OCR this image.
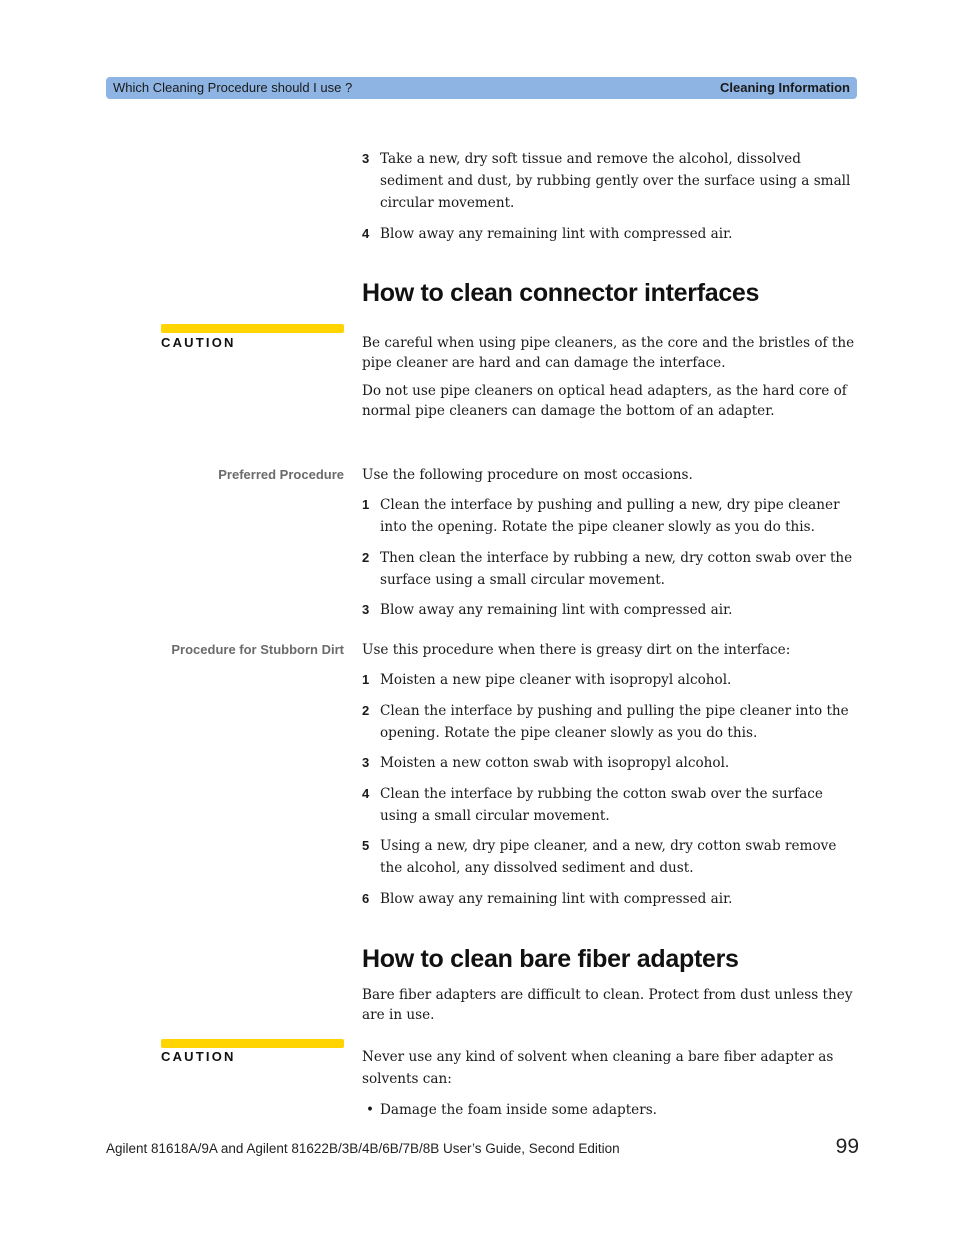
Which Cleaning Procedure should I use ?	Cleaning Information
3 Take a new, dry soft tissue and remove the alcohol, dissolved sediment and dust, by rubbing gently over the surface using a small circular movement.
4 Blow away any remaining lint with compressed air.
How to clean connector interfaces
CAUTION	Be careful when using pipe cleaners, as the core and the bristles of the pipe cleaner are hard and can damage the interface.
Do not use pipe cleaners on optical head adapters, as the hard core of normal pipe cleaners can damage the bottom of an adapter.
Preferred Procedure Use the following procedure on most occasions.
1 Clean the interface by pushing and pulling a new, dry pipe cleaner into the opening. Rotate the pipe cleaner slowly as you do this.
2 Then clean the interface by rubbing a new, dry cotton swab over the surface using a small circular movement.
3 Blow away any remaining lint with compressed air.
Procedure for Stubborn Dirt Use this procedure when there is greasy dirt on the interface:
1 Moisten a new pipe cleaner with isopropyl alcohol.
2 Clean the interface by pushing and pulling the pipe cleaner into the opening. Rotate the pipe cleaner slowly as you do this.
3 Moisten a new cotton swab with isopropyl alcohol.
4 Clean the interface by rubbing the cotton swab over the surface using a small circular movement.
5 Using a new, dry pipe cleaner, and a new, dry cotton swab remove the alcohol, any dissolved sediment and dust.
6 Blow away any remaining lint with compressed air.
How to clean bare fiber adapters
Bare fiber adapters are difficult to clean. Protect from dust unless they are in use.
CAUTION	Never use any kind of solvent when cleaning a bare fiber adapter as solvents can:
• Damage the foam inside some adapters.
Agilent 81618A/9A and Agilent 81622B/3B/4B/6B/7B/8B User’s Guide, Second Edition	99
